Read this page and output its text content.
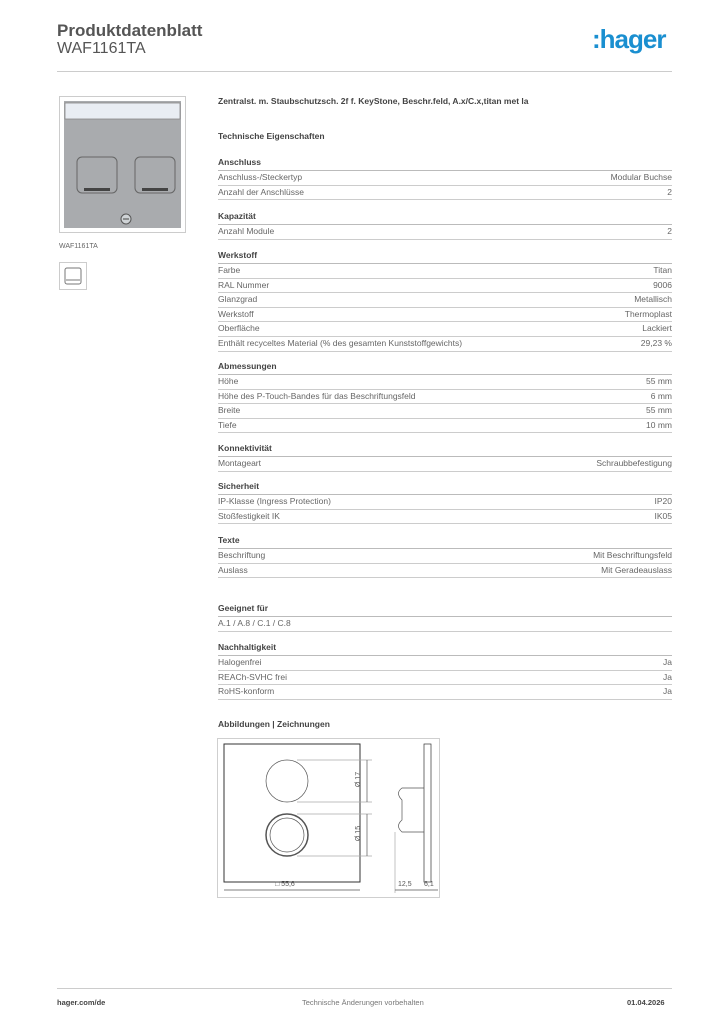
Produktdatenblatt
WAF1161TA	:hager
WAF1161TA
Zentralst. m. Staubschutzsch. 2f f. KeyStone, Beschr.feld, A.x/C.x,titan met la
Technische Eigenschaften
Anschluss
Anschluss-/Steckertyp	Modular Buchse
Anzahl der Anschlüsse	2
Kapazität
Anzahl Module	2
Werkstoff
Farbe	Titan
RAL Nummer	9006
Glanzgrad	Metallisch
Werkstoff	Thermoplast
Oberfläche	Lackiert
Enthält recyceltes Material (% des gesamten Kunststoffgewichts)	29,23 %
Abmessungen
Höhe	55 mm
Höhe des P-Touch-Bandes für das Beschriftungsfeld	6 mm
Breite	55 mm
Tiefe	10 mm
Konnektivität
Montageart	Schraubbefestigung
Sicherheit
IP-Klasse (Ingress Protection)	IP20
Stoßfestigkeit IK	IK05
Texte
Beschriftung	Mit Beschriftungsfeld
Auslass	Mit Geradeauslass
Geeignet für
A.1 / A.8 / C.1 / C.8
Nachhaltigkeit
Halogenfrei	Ja
REACh-SVHC frei	Ja
RoHS-konform	Ja
Abbildungen | Zeichnungen
Ø 17
Ø 15
□ 55,6	12,5 6,1
hager.com/de	Technische Änderungen vorbehalten	01.04.2026
